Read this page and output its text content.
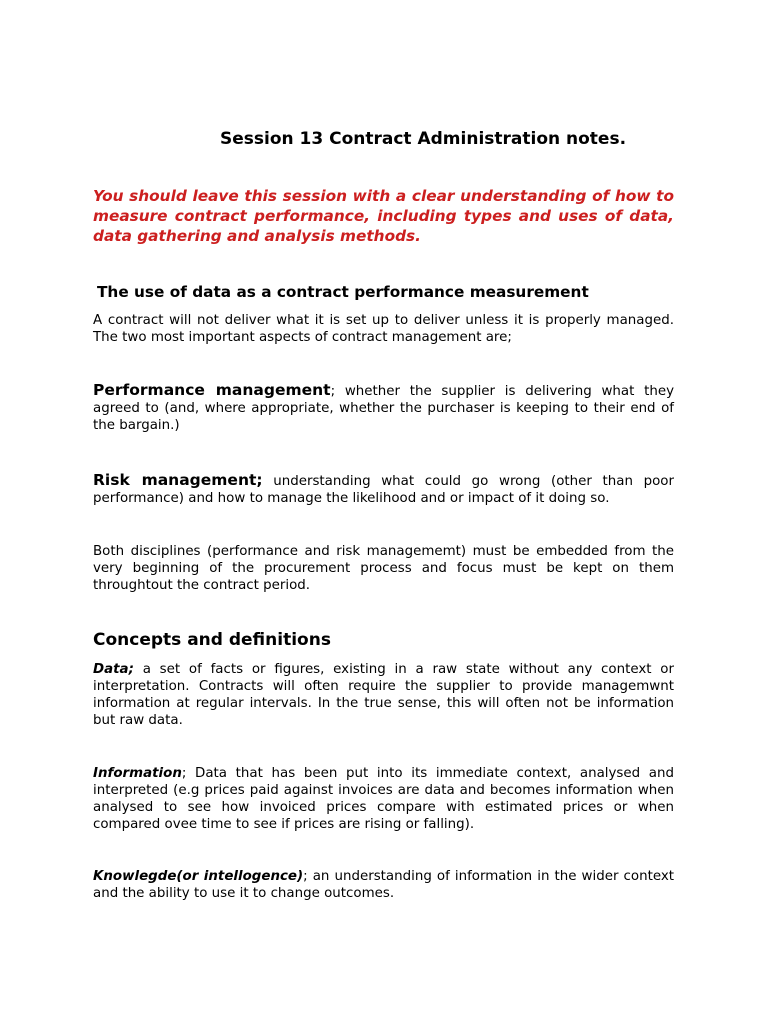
Session 13 Contract Administration notes.
You should leave this session with a clear understanding of how to measure contract performance, including types and uses of data, data gathering and analysis methods.
The use of data as a contract performance measurement
A contract will not deliver what it is set up to deliver unless it is properly managed. The two most important aspects of contract management are;
Performance management; whether the supplier is delivering what they agreed to (and, where appropriate, whether the purchaser is keeping to their end of the bargain.)
Risk management; understanding what could go wrong (other than poor performance) and how to manage the likelihood and or impact of it doing so.
Both disciplines (performance and risk managememt) must be embedded from the very beginning of the procurement process and focus must be kept on them throughtout the contract period.
Concepts and definitions
Data; a set of facts or figures, existing in a raw state without any context or interpretation. Contracts will often require the supplier to provide managemwnt information at regular intervals. In the true sense, this will often not be information but raw data.
Information; Data that has been put into its immediate context, analysed and interpreted (e.g prices paid against invoices are data and becomes information when analysed to see how invoiced prices compare with estimated prices or when compared ovee time to see if prices are rising or falling).
Knowlegde(or intellogence); an understanding of information in the wider context and the ability to use it to change outcomes.
